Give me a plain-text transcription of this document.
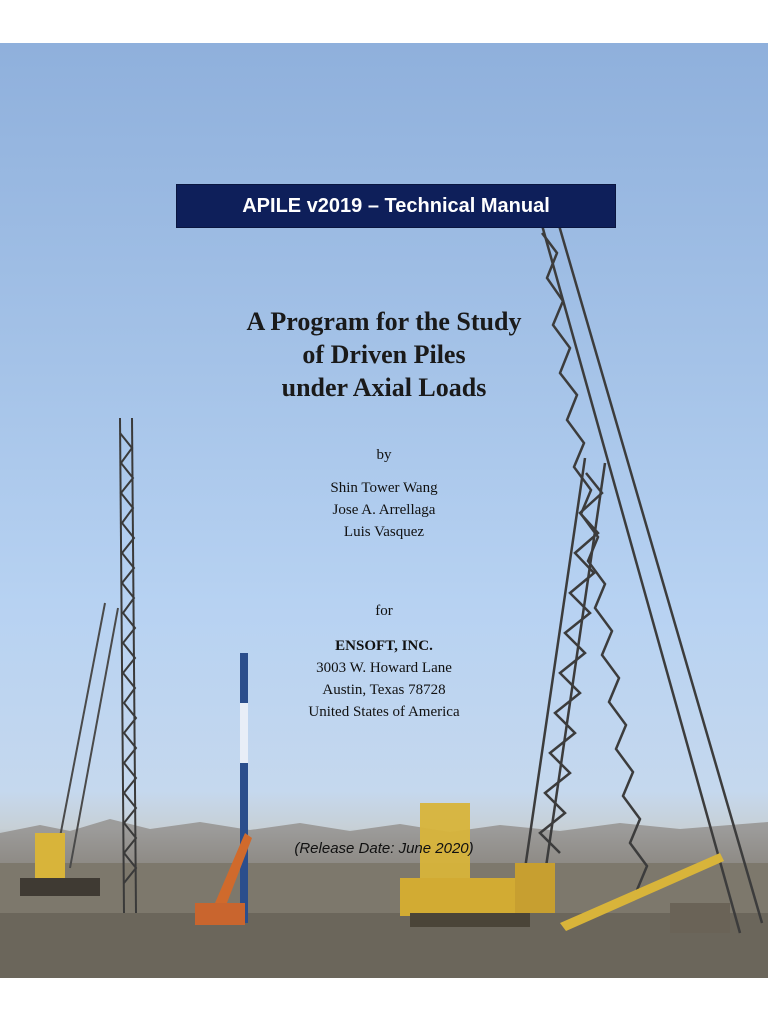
APILE v2019 – Technical Manual
A Program for the Study
of Driven Piles
under Axial Loads
by
Shin Tower Wang
Jose A. Arrellaga
Luis Vasquez
for
ENSOFT, INC.
3003 W. Howard Lane
Austin, Texas 78728
United States of America
(Release Date: June 2020)
